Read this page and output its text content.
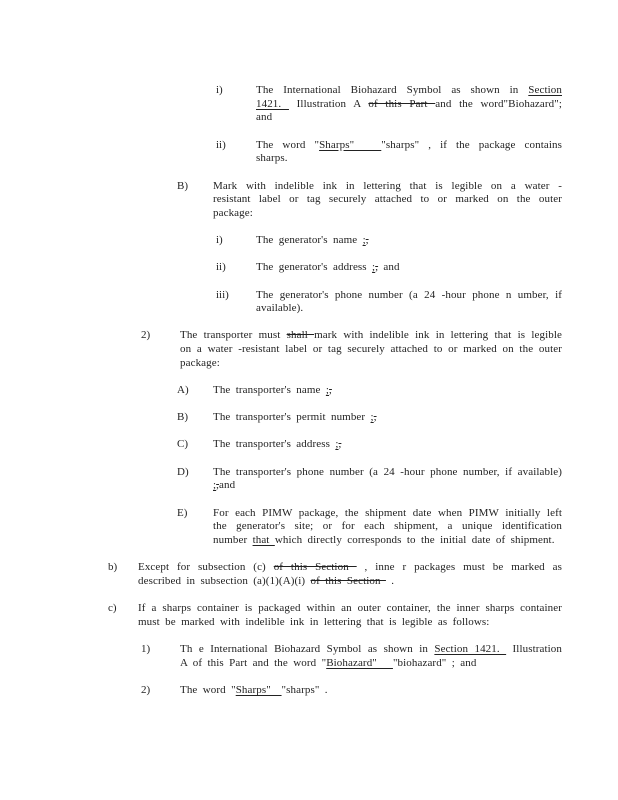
i)	The International Biohazard Symbol as shown in Section 1421.  Illustration A of this Part and the word"Biohazard"; and
ii)	The word "Sharps"   "sharps" , if the package contains sharps.
B) Mark with indelible ink in lettering that is legible on a water - resistant label or tag securely attached to or marked on the outer package:
i)	The generator's name ;,
ii)	The generator's address ;, and
iii) The generator's phone number (a 24 -hour phone n umber, if available).
2)	The transporter must shall mark with indelible ink in lettering that is legible on a water -resistant label or tag securely attached to or marked on the outer package:
A) The transporter's name ;,
B) The transporter's permit number ;,
C) The transporter's address ;,
D) The transporter's phone number (a 24 -hour phone number, if available) ;,and
E) For each PIMW package, the shipment date when PIMW initially left the generator's site; or for each shipment, a unique identification number that which directly corresponds to the initial date of shipment.
b) Except for subsection (c) of this Section  , inne r packages must be marked as described in subsection (a)(1)(A)(i) of this Section  .
c) If a sharps container is packaged within an outer container, the inner sharps container must be marked with indelible ink in lettering that is legible as follows:
1)	Th e International Biohazard Symbol as shown in Section 1421.  Illustration A of this Part and the word "Biohazard"   "biohazard" ; and
2)	The word "Sharps"  "sharps" .
